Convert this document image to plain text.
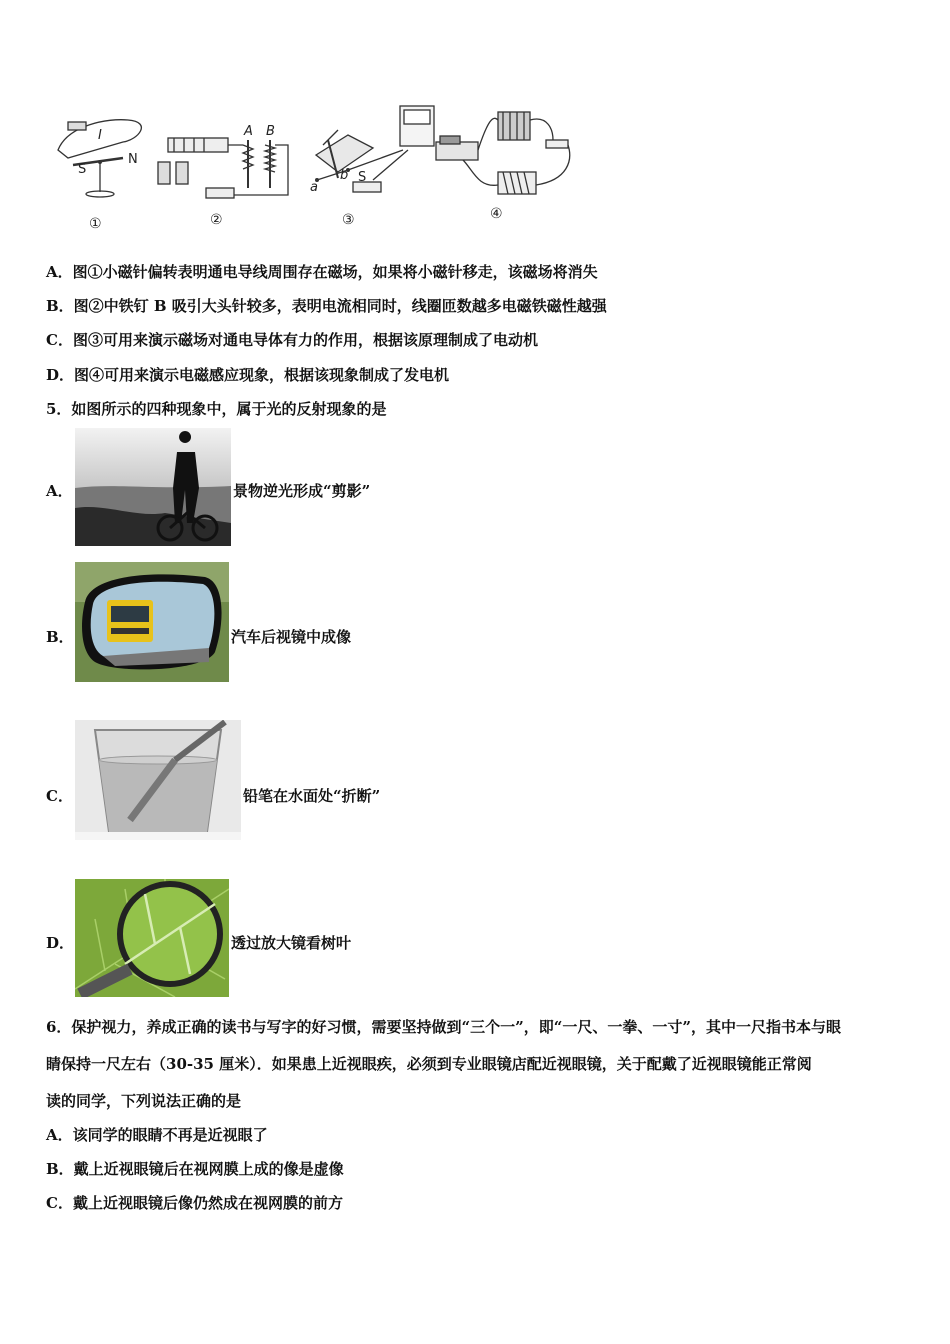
S
N
I	A B
a
b S
①	②	③	④
A．图①小磁针偏转表明通电导线周围存在磁场，如果将小磁针移走，该磁场将消失
B．图②中铁钉 B 吸引大头针较多，表明电流相同时，线圈匝数越多电磁铁磁性越强
C．图③可用来演示磁场对通电导体有力的作用，根据该原理制成了电动机
D．图④可用来演示电磁感应现象，根据该现象制成了发电机
5．如图所示的四种现象中，属于光的反射现象的是
A．	景物逆光形成“剪影”
B．	汽车后视镜中成像
C．	铅笔在水面处“折断”
D．	透过放大镜看树叶
6．保护视力，养成正确的读书与写字的好习惯，需要坚持做到“三个一”，即“一尺、一拳、一寸”，其中一尺指书本与眼
睛保持一尺左右（30-35 厘米）．如果患上近视眼疾，必须到专业眼镜店配近视眼镜，关于配戴了近视眼镜能正常阅
读的同学，下列说法正确的是
A．该同学的眼睛不再是近视眼了
B．戴上近视眼镜后在视网膜上成的像是虚像
C．戴上近视眼镜后像仍然成在视网膜的前方
